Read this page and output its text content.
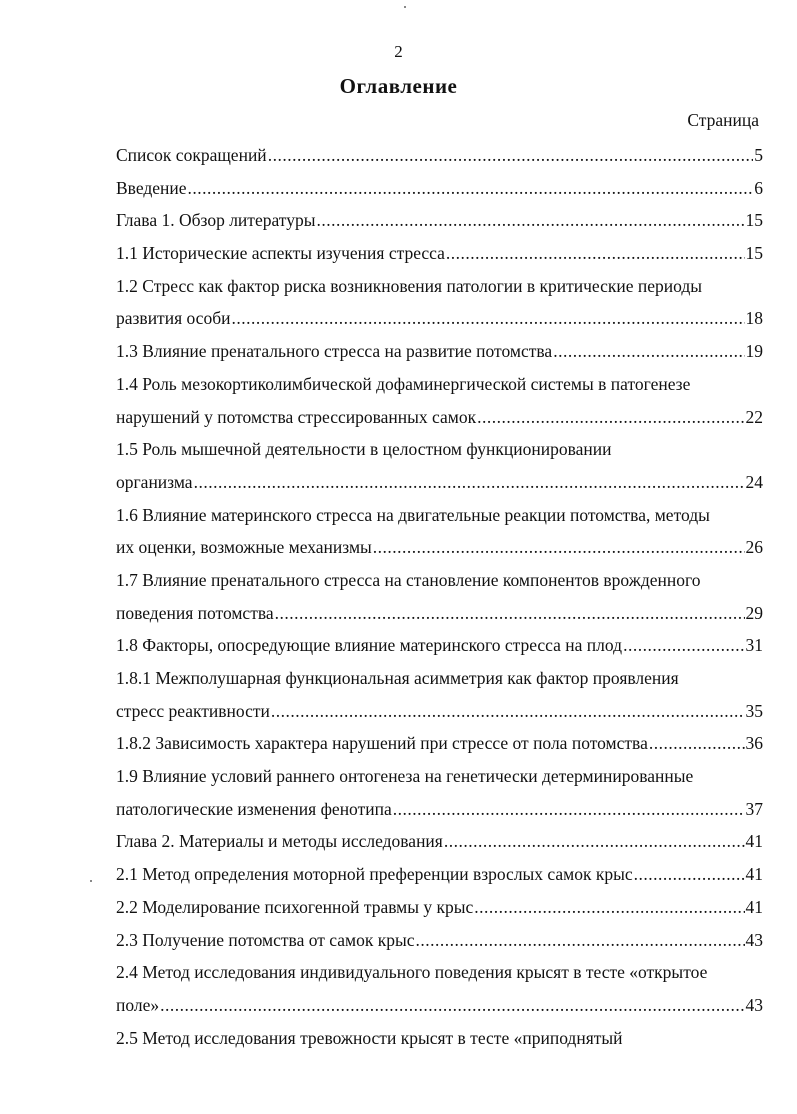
2
Оглавление
Страница
Список сокращений .....	5
Введение .....	6
Глава 1. Обзор литературы .....	15
1.1 Исторические аспекты изучения стресса .....	15
1.2 Стресс как фактор риска возникновения патологии в критические периоды
развития особи .....	18
1.3 Влияние пренатального стресса на развитие потомства .....	19
1.4 Роль мезокортиколимбической дофаминергической системы в патогенезе
нарушений у потомства стрессированных самок .....	22
1.5 Роль мышечной деятельности в целостном функционировании
организма .....	24
1.6 Влияние материнского стресса на двигательные реакции потомства, методы
их оценки, возможные механизмы .....	26
1.7 Влияние пренатального стресса на становление компонентов врожденного
поведения потомства .....	29
1.8 Факторы, опосредующие влияние материнского стресса на плод .....	31
1.8.1 Межполушарная функциональная асимметрия как фактор проявления
стресс реактивности .....	35
1.8.2 Зависимость характера нарушений при стрессе от пола потомства .....	36
1.9 Влияние условий раннего онтогенеза на генетически детерминированные
патологические изменения фенотипа .....	37
Глава 2. Материалы и методы исследования .....	41
2.1 Метод определения моторной преференции взрослых самок крыс .....	41
2.2 Моделирование психогенной травмы у крыс .....	41
2.3 Получение потомства от самок крыс .....	43
2.4 Метод исследования индивидуального поведения крысят в тесте «открытое
поле» .....	43
2.5 Метод исследования тревожности крысят в тесте «приподнятый
